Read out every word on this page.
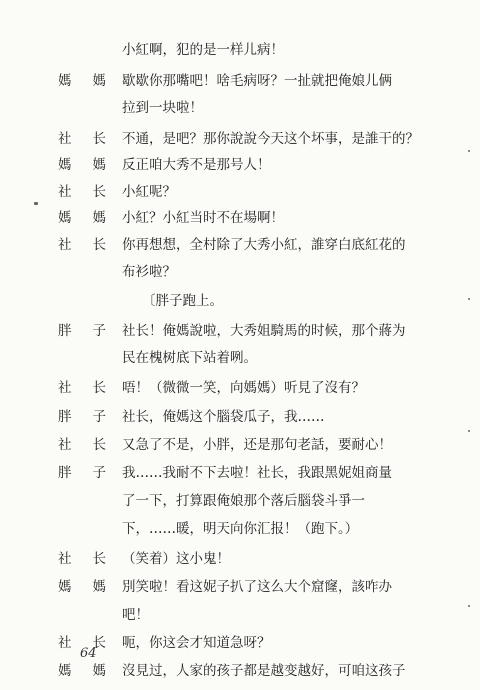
小紅啊，犯的是一样儿病！
媽 媽 歇歇你那嘴吧！啥毛病呀？一扯就把俺娘儿俩
拉到一块啦！
社 长 不通，是吧？那你說說今天这个坏事，是誰干的？
媽 媽 反正咱大秀不是那号人！
社 长 小紅呢？
媽 媽 小紅？小紅当时不在場啊！
社 长 你再想想，全村除了大秀小紅，誰穿白底紅花的
布衫啦？
〔胖子跑上。
胖 子 社长！俺媽說啦，大秀姐騎馬的时候，那个蔣为
民在槐树底下站着咧。
社 长 唔！（微微一笑，向媽媽）听見了沒有？
胖 子 社长，俺媽这个腦袋瓜子，我……
社 长 又急了不是，小胖，还是那句老話，要耐心！
胖 子 我……我耐不下去啦！社长，我跟黑妮姐商量
了一下，打算跟俺娘那个落后腦袋斗爭一
下，……暖，明天向你汇报！（跑下。）
社 长 （笑着）这小鬼！
媽 媽 別笑啦！看这妮子扒了这么大个窟窿，該咋办
吧！
社 长 呃，你这会才知道急呀？
媽 媽 沒見过，人家的孩子都是越变越好，可咱这孩子
64
